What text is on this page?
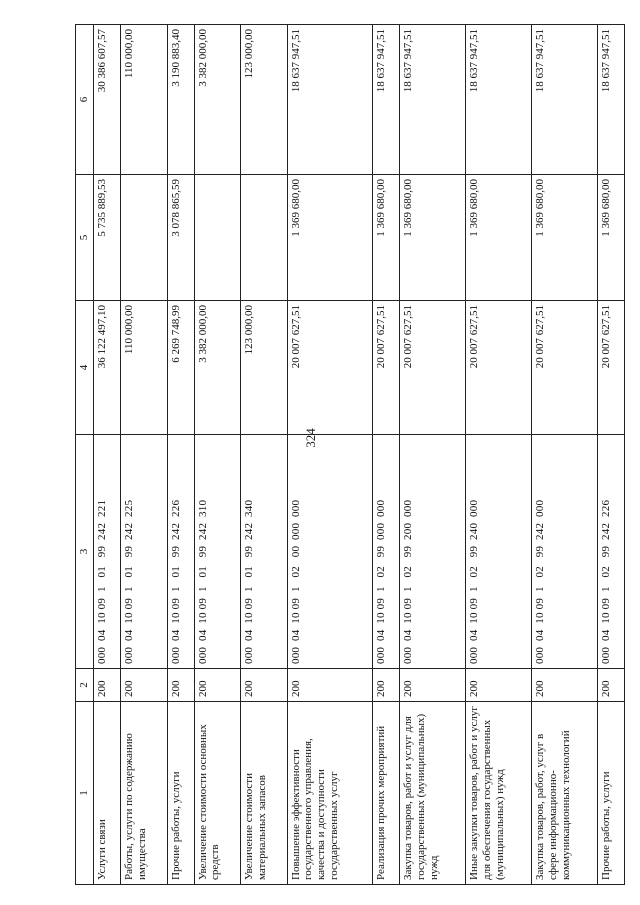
324
1	2	3	4	5	6
Услуги связи	200	000  04  10 09  1   01   99  242  221	36 122 497,10	5 735 889,53	30 386 607,57
Работы, услуги по содержанию имущества	200	000  04  10 09  1   01   99  242  225	110 000,00		110 000,00
Прочие работы, услуги	200	000  04  10 09  1   01   99  242  226	6 269 748,99	3 078 865,59	3 190 883,40
Увеличение стоимости основных средств	200	000  04  10 09  1   01   99  242  310	3 382 000,00		3 382 000,00
Увеличение стоимости материальных запасов	200	000  04  10 09  1   01   99  242  340	123 000,00		123 000,00
Повышение эффективности государственного управления, качества и доступности государственных услуг	200	000  04  10 09  1   02   00  000  000	20 007 627,51	1 369 680,00	18 637 947,51
Реализация прочих мероприятий	200	000  04  10 09  1   02   99  000  000	20 007 627,51	1 369 680,00	18 637 947,51
Закупка товаров, работ и услуг для государственных (муниципальных) нужд	200	000  04  10 09  1   02   99  200  000	20 007 627,51	1 369 680,00	18 637 947,51
Иные закупки товаров, работ и услуг для обеспечения государственных (муниципальных) нужд	200	000  04  10 09  1   02   99  240  000	20 007 627,51	1 369 680,00	18 637 947,51
Закупка товаров, работ, услуг в сфере информационно-коммуникационных технологий	200	000  04  10 09  1   02   99  242  000	20 007 627,51	1 369 680,00	18 637 947,51
Прочие работы, услуги	200	000  04  10 09  1   02   99  242  226	20 007 627,51	1 369 680,00	18 637 947,51
